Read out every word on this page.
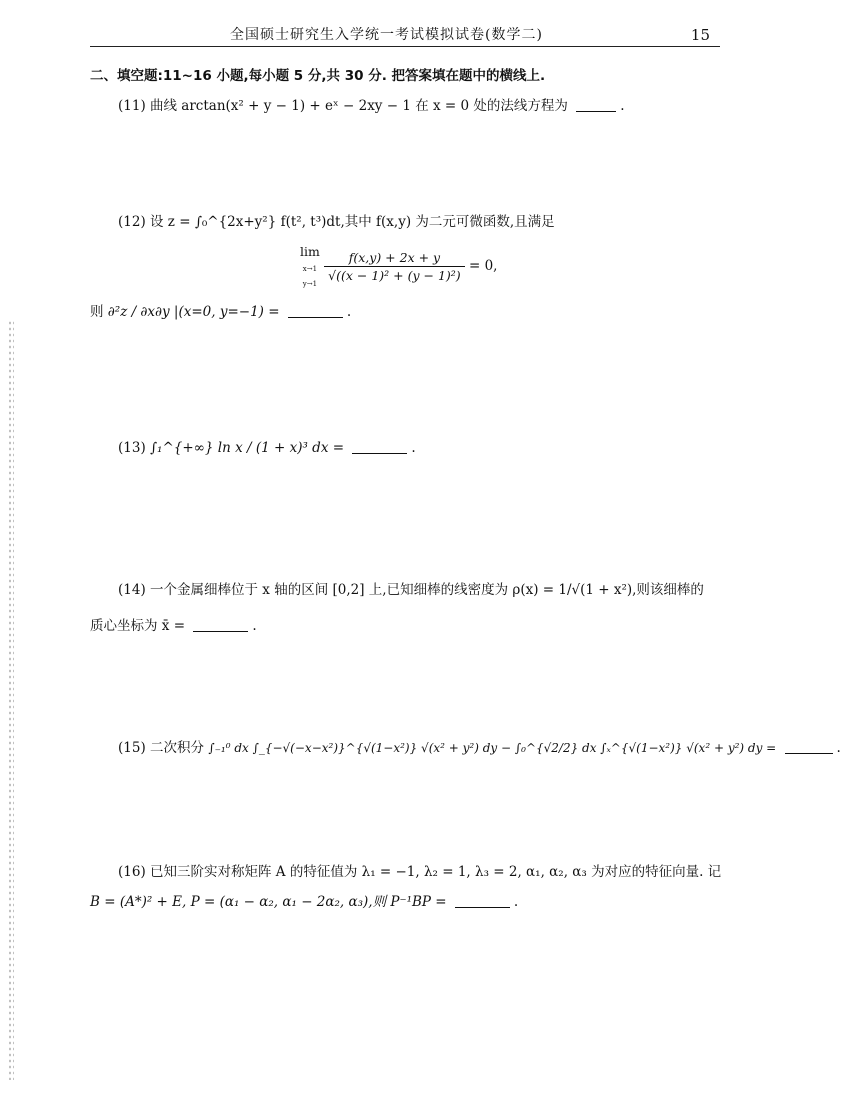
全国硕士研究生入学统一考试模拟试卷(数学二)	15
二、填空题:11~16 小题,每小题 5 分,共 30 分. 把答案填在题中的横线上.
(11) 曲线 arctan(x² + y − 1) + eˣ − 2xy − 1 在 x = 0 处的法线方程为	.
(12) 设 z = ∫₀^{2x+y²} f(t², t³)dt,其中 f(x,y) 为二元可微函数,且满足
lim
x→1
y→1
$\frac{f(x,y) + 2x + y}{\text{√((x − 1)² + (y − 1)²)}} = 0$,
则 ∂²z / ∂x∂y |(x=0, y=−1) =	.
(13) ∫₁^{+∞} ln x / (1 + x)³ dx =	.
(14) 一个金属细棒位于 x 轴的区间 [0,2] 上,已知细棒的线密度为 ρ(x) = 1/√(1 + x²),则该细棒的
质心坐标为 x̄ =	.
(15) 二次积分 ∫₋₁⁰ dx ∫_{−√(−x−x²)}^{√(1−x²)} √(x² + y²) dy − ∫₀^{√2/2} dx ∫ₓ^{√(1−x²)} √(x² + y²) dy =	.
(16) 已知三阶实对称矩阵 A 的特征值为 λ₁ = −1, λ₂ = 1, λ₃ = 2, α₁, α₂, α₃ 为对应的特征向量. 记
B = (A*)² + E, P = (α₁ − α₂, α₁ − 2α₂, α₃),则 P⁻¹BP =	.
